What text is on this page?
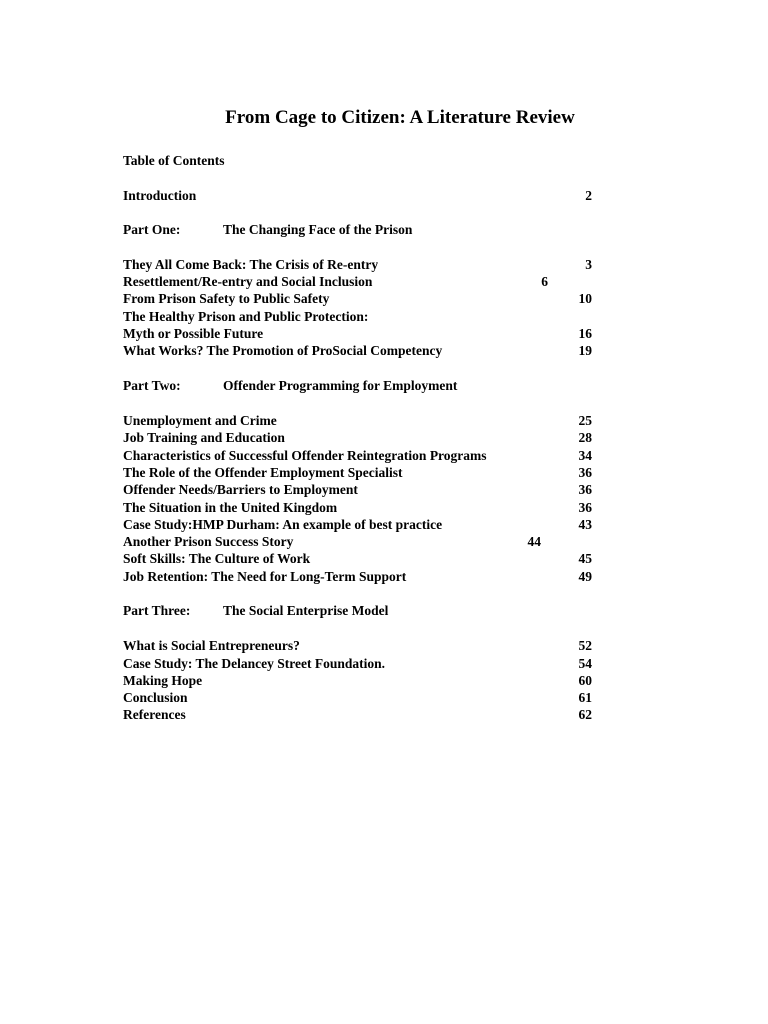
From Cage to Citizen: A Literature Review
Table of Contents
Introduction	2
Part One:	The Changing Face of the Prison
They All Come Back: The Crisis of Re-entry	3
Resettlement/Re-entry and Social Inclusion	6
From Prison Safety to Public Safety	10
The Healthy Prison and Public Protection:
Myth or Possible Future	16
What Works? The Promotion of ProSocial Competency	19
Part Two:	Offender Programming for Employment
Unemployment and Crime	25
Job Training and Education	28
Characteristics of Successful Offender Reintegration Programs	34
The Role of the Offender Employment Specialist	36
Offender Needs/Barriers to Employment	36
The Situation in the United Kingdom	36
Case Study:HMP Durham: An example of best practice	43
Another Prison Success Story	44
Soft Skills: The Culture of Work	45
Job Retention: The Need for Long-Term Support	49
Part Three: The Social Enterprise Model
What is Social Entrepreneurs?	52
Case Study: The Delancey Street Foundation.	54
Making Hope	60
Conclusion	61
References	62
